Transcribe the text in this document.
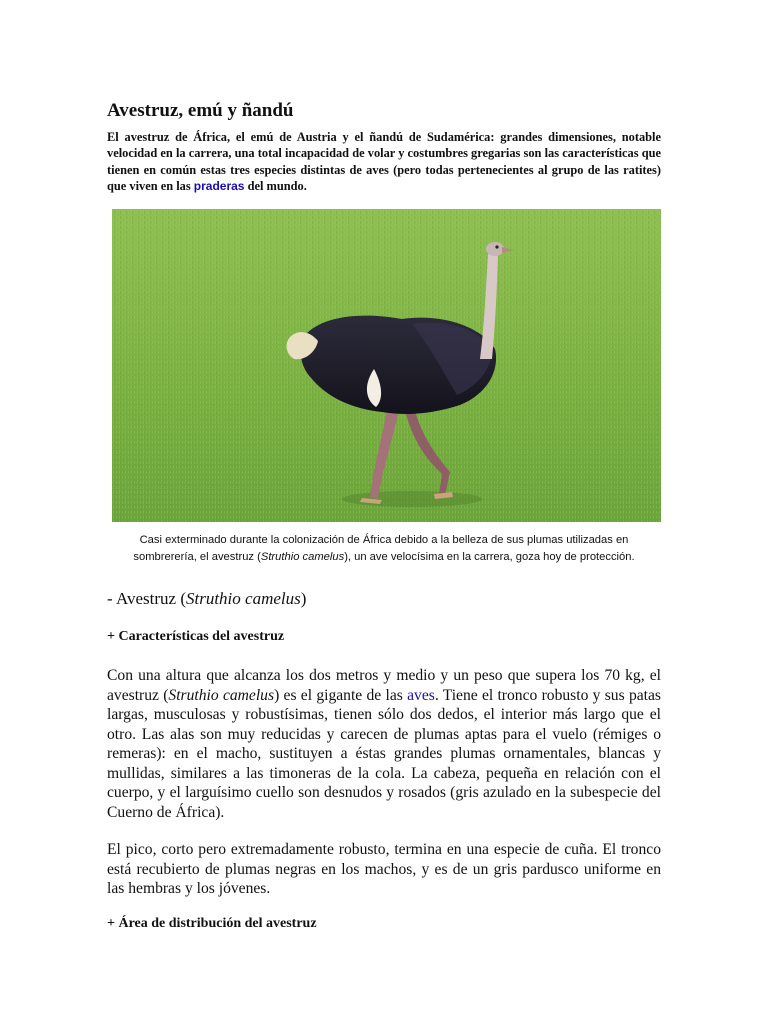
Avestruz, emú y ñandú

El avestruz de África, el emú de Austria y el ñandú de Sudamérica: grandes dimensiones, notable velocidad en la carrera, una total incapacidad de volar y costumbres gregarias son las características que tienen en común estas tres especies distintas de aves (pero todas pertenecientes al grupo de las ratites) que viven en las praderas del mundo.

Casi exterminado durante la colonización de África debido a la belleza de sus plumas utilizadas en sombrerería, el avestruz (Struthio camelus), un ave velocísima en la carrera, goza hoy de protección.

- Avestruz (Struthio camelus)

+ Características del avestruz

Con una altura que alcanza los dos metros y medio y un peso que supera los 70 kg, el avestruz (Struthio camelus) es el gigante de las aves. Tiene el tronco robusto y sus patas largas, musculosas y robustísimas, tienen sólo dos dedos, el interior más largo que el otro. Las alas son muy reducidas y carecen de plumas aptas para el vuelo (rémiges o remeras): en el macho, sustituyen a éstas grandes plumas ornamentales, blancas y mullidas, similares a las timoneras de la cola. La cabeza, pequeña en relación con el cuerpo, y el larguísimo cuello son desnudos y rosados (gris azulado en la subespecie del Cuerno de África).

El pico, corto pero extremadamente robusto, termina en una especie de cuña. El tronco está recubierto de plumas negras en los machos, y es de un gris pardusco uniforme en las hembras y los jóvenes.

+ Área de distribución del avestruz
